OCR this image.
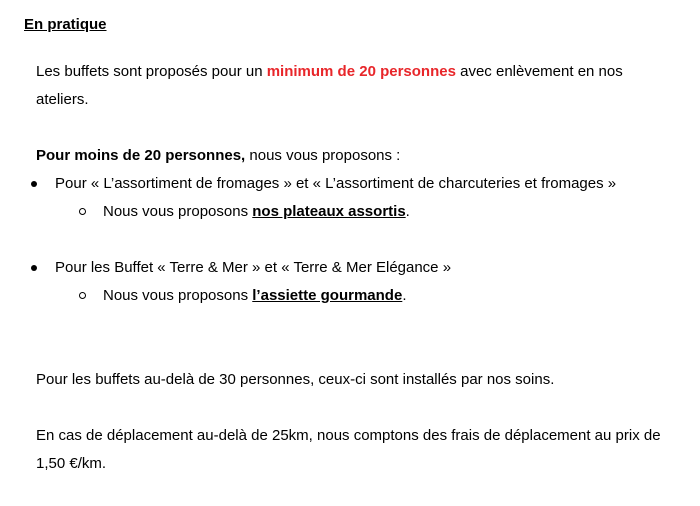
En pratique
Les buffets sont proposés pour un minimum de 20 personnes avec enlèvement en nos ateliers.
Pour moins de 20 personnes, nous vous proposons :
Pour « L’assortiment de fromages » et « L’assortiment de charcuteries et fromages »
Nous vous proposons nos plateaux assortis.
Pour les Buffet « Terre & Mer » et « Terre & Mer Elégance »
Nous vous proposons l’assiette gourmande.
Pour les buffets au-delà de 30 personnes, ceux-ci sont installés par nos soins.
En cas de déplacement au-delà de 25km, nous comptons des frais de déplacement au prix de 1,50 €/km.
